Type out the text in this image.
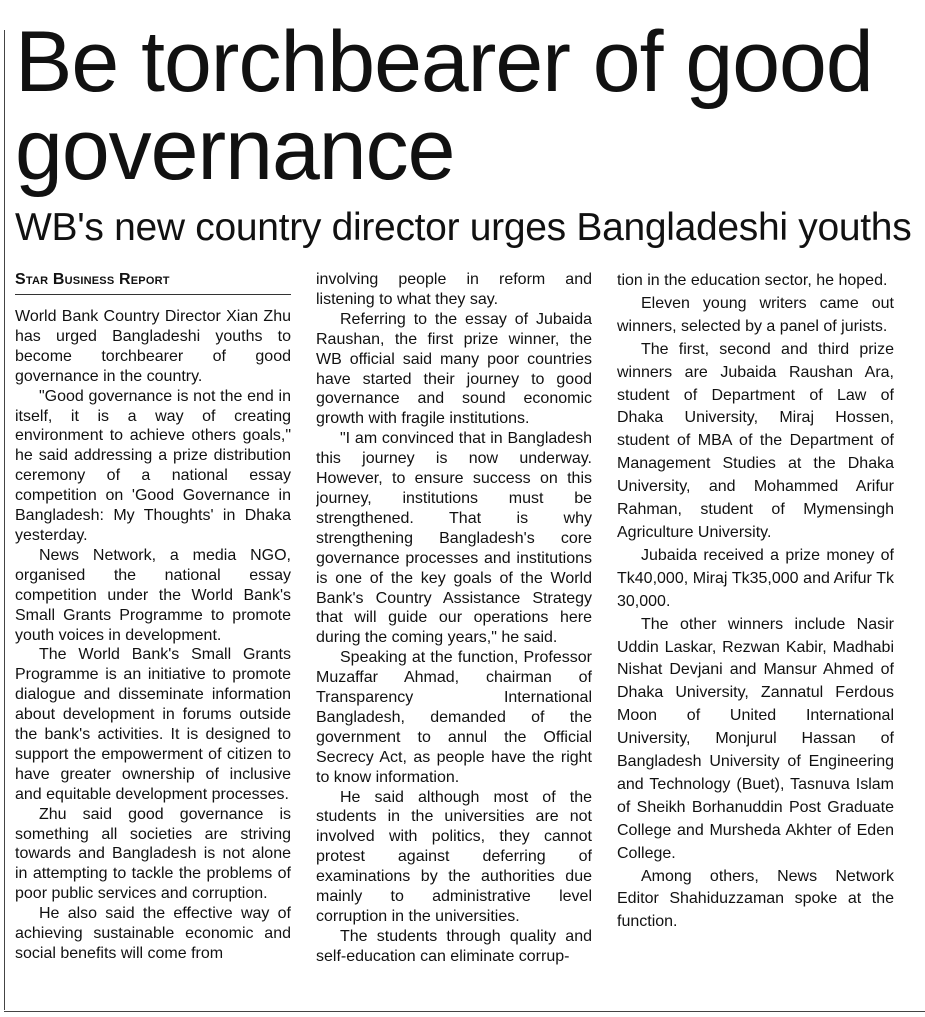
Be torchbearer of good governance
WB's new country director urges Bangladeshi youths
Star Business Report

World Bank Country Director Xian Zhu has urged Bangladeshi youths to become torchbearer of good governance in the country.

"Good governance is not the end in itself, it is a way of creating environment to achieve others goals," he said addressing a prize distribution ceremony of a national essay competition on 'Good Governance in Bangladesh: My Thoughts' in Dhaka yesterday.

News Network, a media NGO, organised the national essay competition under the World Bank's Small Grants Programme to promote youth voices in development.

The World Bank's Small Grants Programme is an initiative to promote dialogue and disseminate information about development in forums outside the bank's activities. It is designed to support the empowerment of citizen to have greater ownership of inclusive and equitable development processes.

Zhu said good governance is something all societies are striving towards and Bangladesh is not alone in attempting to tackle the problems of poor public services and corruption.

He also said the effective way of achieving sustainable economic and social benefits will come from

involving people in reform and listening to what they say.

Referring to the essay of Jubaida Raushan, the first prize winner, the WB official said many poor countries have started their journey to good governance and sound economic growth with fragile institutions.

"I am convinced that in Bangladesh this journey is now underway. However, to ensure success on this journey, institutions must be strengthened. That is why strengthening Bangladesh's core governance processes and institutions is one of the key goals of the World Bank's Country Assistance Strategy that will guide our operations here during the coming years," he said.

Speaking at the function, Professor Muzaffar Ahmad, chairman of Transparency International Bangladesh, demanded of the government to annul the Official Secrecy Act, as people have the right to know information.

He said although most of the students in the universities are not involved with politics, they cannot protest against deferring of examinations by the authorities due mainly to administrative level corruption in the universities.

The students through quality and self-education can eliminate corrup-

tion in the education sector, he hoped.

Eleven young writers came out winners, selected by a panel of jurists.

The first, second and third prize winners are Jubaida Raushan Ara, student of Department of Law of Dhaka University, Miraj Hossen, student of MBA of the Department of Management Studies at the Dhaka University, and Mohammed Arifur Rahman, student of Mymensingh Agriculture University.

Jubaida received a prize money of Tk40,000, Miraj Tk35,000 and Arifur Tk 30,000.

The other winners include Nasir Uddin Laskar, Rezwan Kabir, Madhabi Nishat Devjani and Mansur Ahmed of Dhaka University, Zannatul Ferdous Moon of United International University, Monjurul Hassan of Bangladesh University of Engineering and Technology (Buet), Tasnuva Islam of Sheikh Borhanuddin Post Graduate College and Mursheda Akhter of Eden College.

Among others, News Network Editor Shahiduzzaman spoke at the function.
